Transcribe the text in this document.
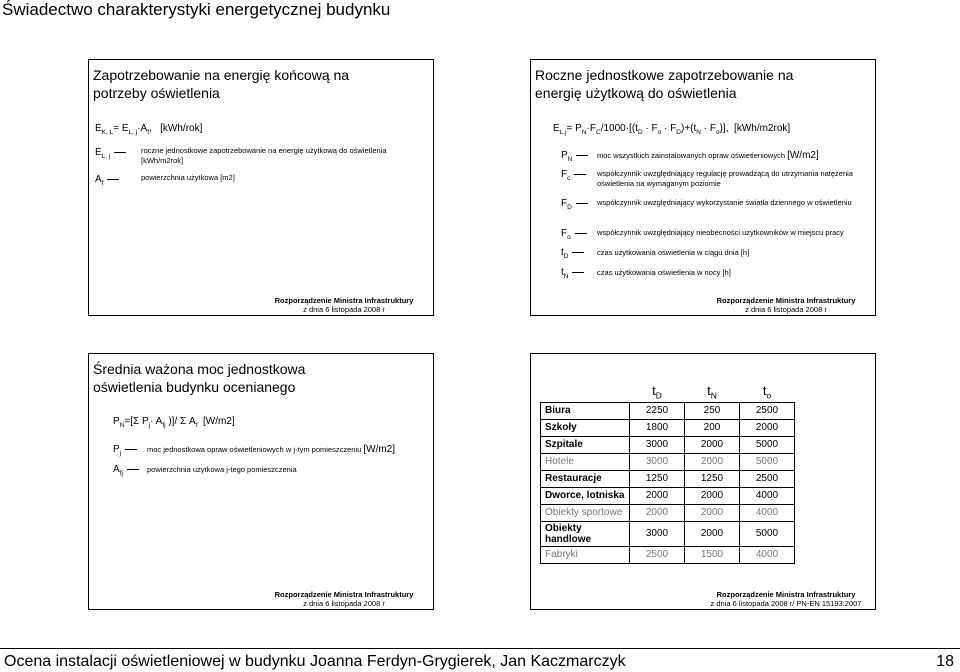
Świadectwo charakterystyki energetycznej budynku
Zapotrzebowanie na energię końcową na
potrzeby oświetlenia
$E_{K, L}= E_{L, j}\cdot A_f$,   [kWh/rok]
$E_{L, j}$
roczne jednostkowe zapotrzebowanie na energię użytkową do oświetlenia
[kWh/m2rok]
$A_f$
powierzchnia użytkowa [m2]
Rozporządzenie Ministra Infrastruktury
z dnia 6 listopada 2008 r
Roczne jednostkowe zapotrzebowanie na
energię użytkową do oświetlenia
$E_{L,j}= P_N\cdot F_C/1000\cdot[(t_D \cdot F_o \cdot F_D)+(t_N \cdot F_o)]$,  [kWh/m2rok]
$P_N$	moc wszystkich zainstalowanych opraw oświetleniowych [W/m2]
$F_c$
współczynnik uwzględniający regulację prowadzącą do utrzymania natężenia oświetlenia na wymaganym poziomie
$F_D$
współczynnik uwzględniający wykorzystanie światła dziennego w oświetleniu
$F_o$
współczynnik uwzględniający nieobecności użytkowników w miejscu pracy
$t_D$	czas użytkowania oświetlenia w ciągu dnia [h]
$t_N$	czas użytkowania oświetlenia w nocy [h]
Rozporządzenie Ministra Infrastruktury
z dnia 6 listopada 2008 r
Średnia ważona moc jednostkowa
oświetlenia budynku ocenianego
$P_N=[\Sigma$ $P_j\cdot A_{fj}$ )]/ Σ $A_f$ [W/m2]
$P_j$	moc jednostkowa opraw oświetleniowych w j-tym pomieszczeniu [W/m2]
$A_{fj}$	powierzchnia użytkowa j-tego pomieszczenia
Rozporządzenie Ministra Infrastruktury
z dnia 6 listopada 2008 r
	$t_D$	$t_N$	$t_o$
Biura	2250	250	2500
Szkoły	1800	200	2000
Szpitale	3000	2000	5000
Hotele	3000	2000	5000
Restauracje	1250	1250	2500
Dworce, lotniska	2000	2000	4000
Obiekty sportowe	2000	2000	4000
Obiekty handlowe	3000	2000	5000
Fabryki	2500	1500	4000
Rozporządzenie Ministra Infrastruktury
z dnia 6 listopada 2008 r/ PN-EN 15193:2007
Ocena instalacji oświetleniowej w budynku Joanna Ferdyn-Grygierek, Jan Kaczmarczyk	18
